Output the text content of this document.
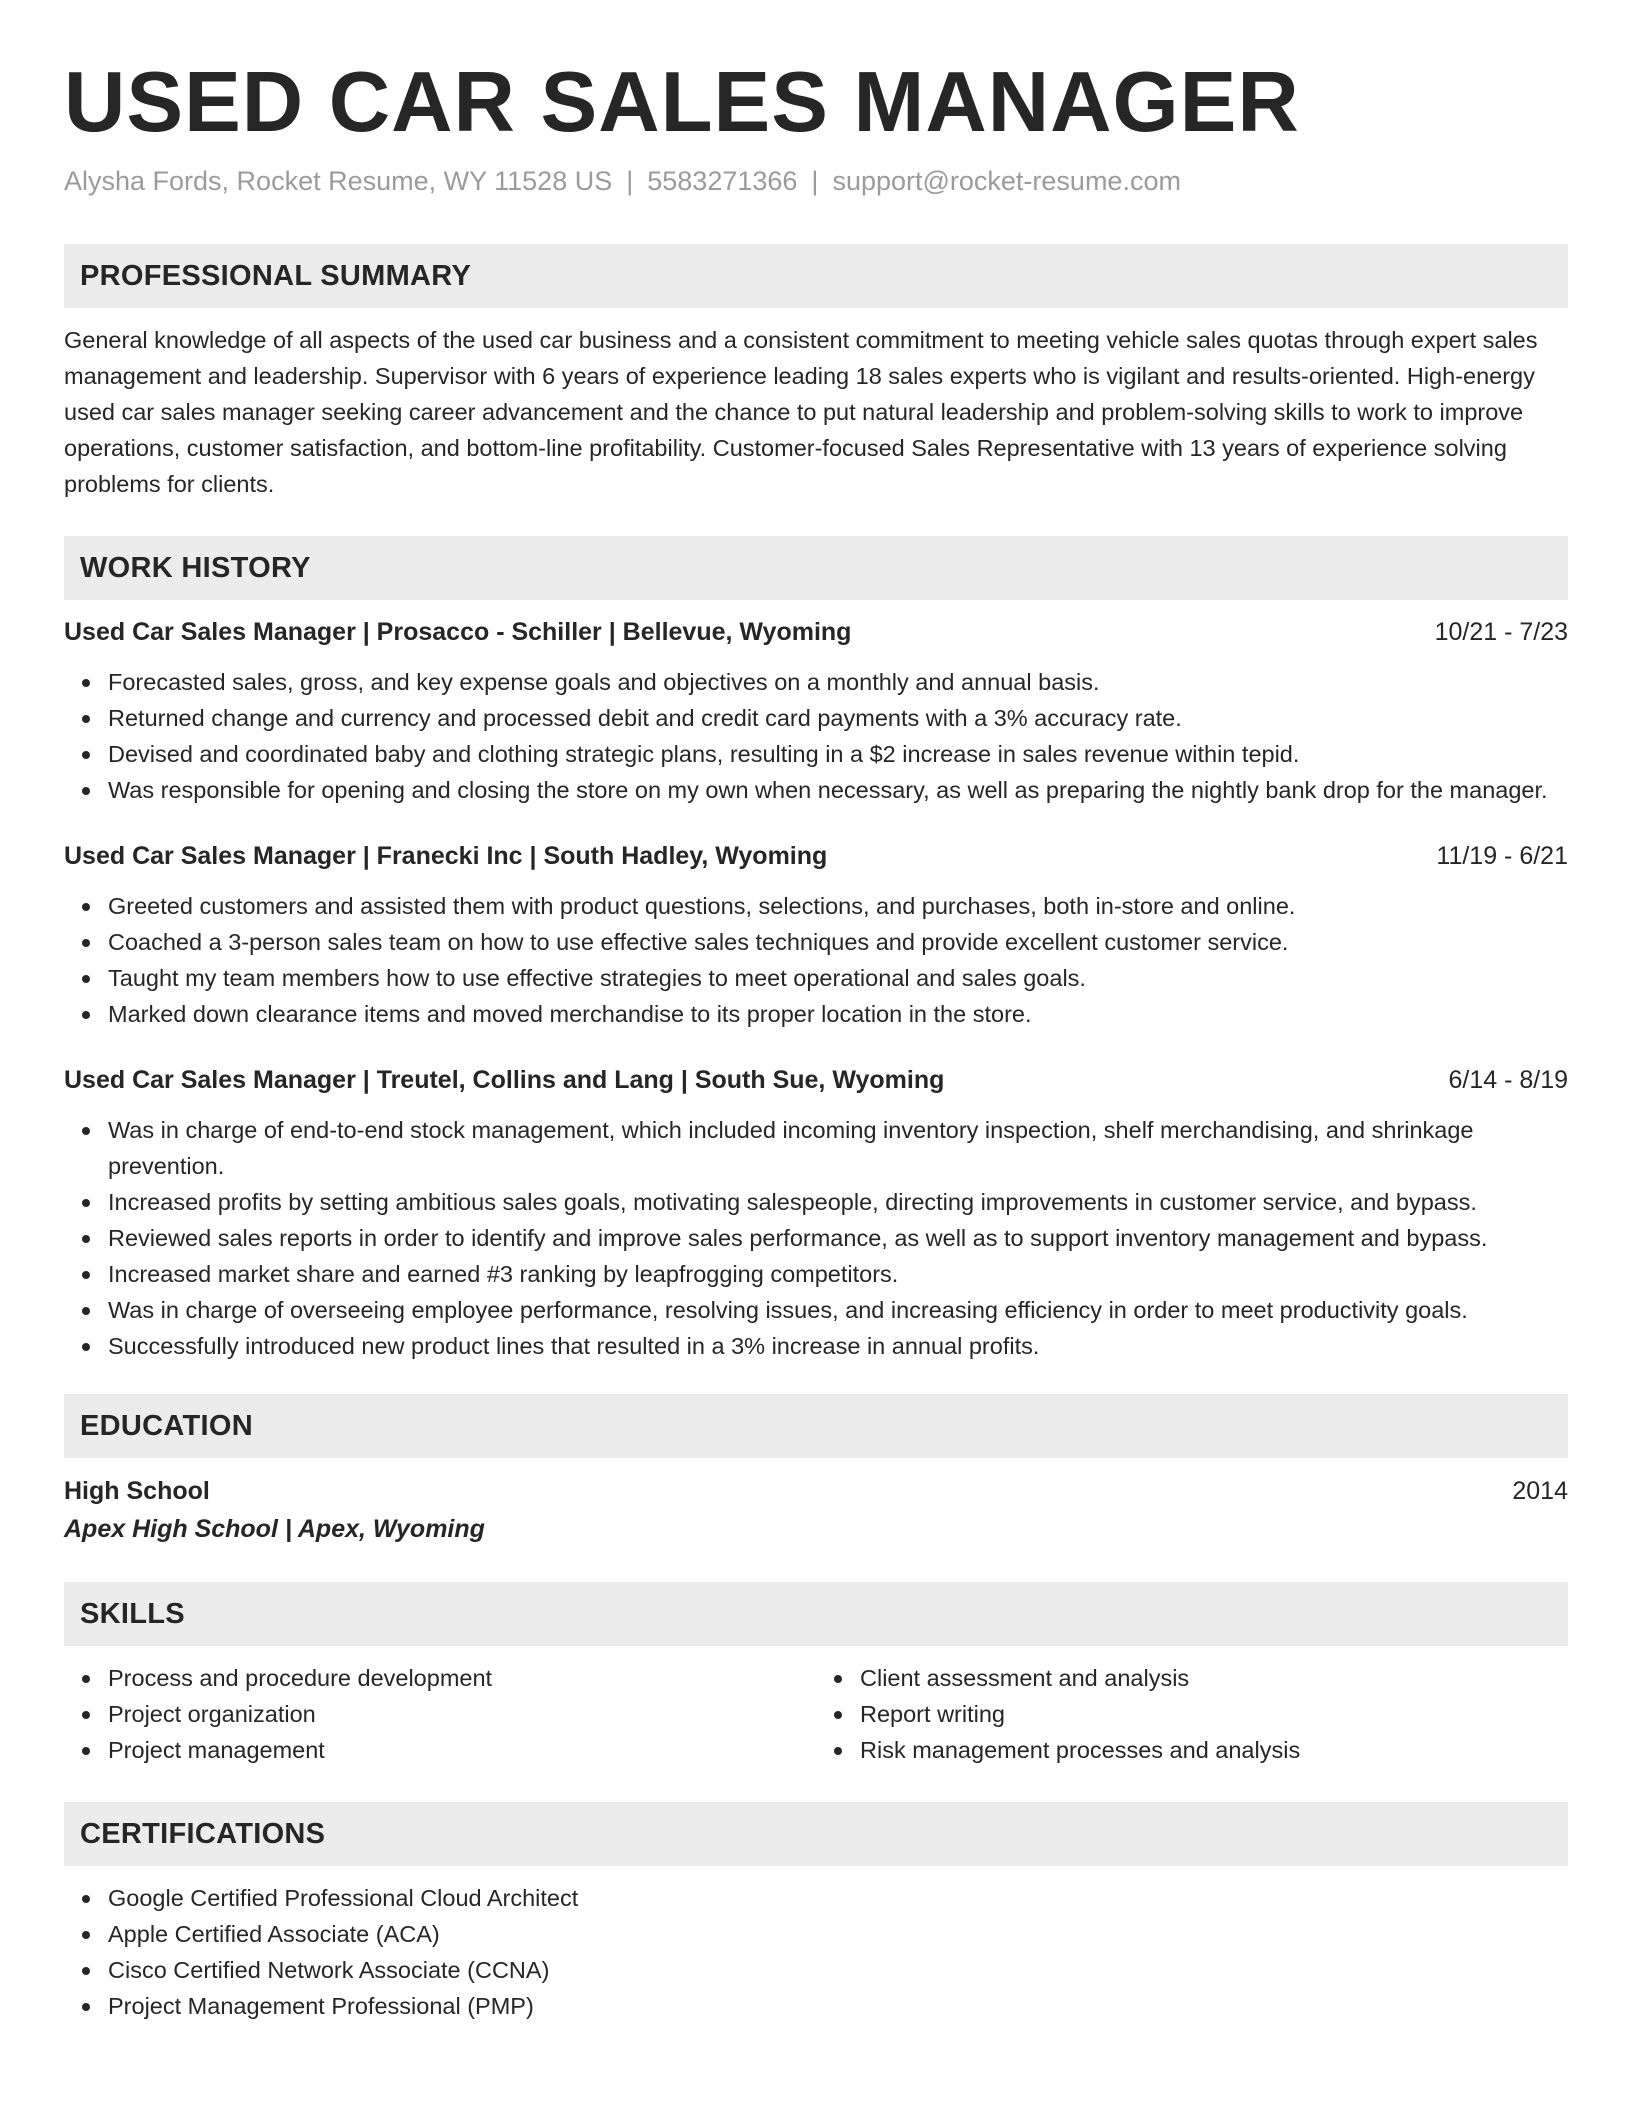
USED CAR SALES MANAGER
Alysha Fords, Rocket Resume, WY 11528 US | 5583271366 | support@rocket-resume.com
PROFESSIONAL SUMMARY
General knowledge of all aspects of the used car business and a consistent commitment to meeting vehicle sales quotas through expert sales management and leadership. Supervisor with 6 years of experience leading 18 sales experts who is vigilant and results-oriented. High-energy used car sales manager seeking career advancement and the chance to put natural leadership and problem-solving skills to work to improve operations, customer satisfaction, and bottom-line profitability. Customer-focused Sales Representative with 13 years of experience solving problems for clients.
WORK HISTORY
Used Car Sales Manager | Prosacco - Schiller | Bellevue, Wyoming	10/21 - 7/23
Forecasted sales, gross, and key expense goals and objectives on a monthly and annual basis.
Returned change and currency and processed debit and credit card payments with a 3% accuracy rate.
Devised and coordinated baby and clothing strategic plans, resulting in a $2 increase in sales revenue within tepid.
Was responsible for opening and closing the store on my own when necessary, as well as preparing the nightly bank drop for the manager.
Used Car Sales Manager | Franecki Inc | South Hadley, Wyoming	11/19 - 6/21
Greeted customers and assisted them with product questions, selections, and purchases, both in-store and online.
Coached a 3-person sales team on how to use effective sales techniques and provide excellent customer service.
Taught my team members how to use effective strategies to meet operational and sales goals.
Marked down clearance items and moved merchandise to its proper location in the store.
Used Car Sales Manager | Treutel, Collins and Lang | South Sue, Wyoming	6/14 - 8/19
Was in charge of end-to-end stock management, which included incoming inventory inspection, shelf merchandising, and shrinkage prevention.
Increased profits by setting ambitious sales goals, motivating salespeople, directing improvements in customer service, and bypass.
Reviewed sales reports in order to identify and improve sales performance, as well as to support inventory management and bypass.
Increased market share and earned #3 ranking by leapfrogging competitors.
Was in charge of overseeing employee performance, resolving issues, and increasing efficiency in order to meet productivity goals.
Successfully introduced new product lines that resulted in a 3% increase in annual profits.
EDUCATION
High School	2014
Apex High School | Apex, Wyoming
SKILLS
Process and procedure development
Project organization
Project management
Client assessment and analysis
Report writing
Risk management processes and analysis
CERTIFICATIONS
Google Certified Professional Cloud Architect
Apple Certified Associate (ACA)
Cisco Certified Network Associate (CCNA)
Project Management Professional (PMP)
